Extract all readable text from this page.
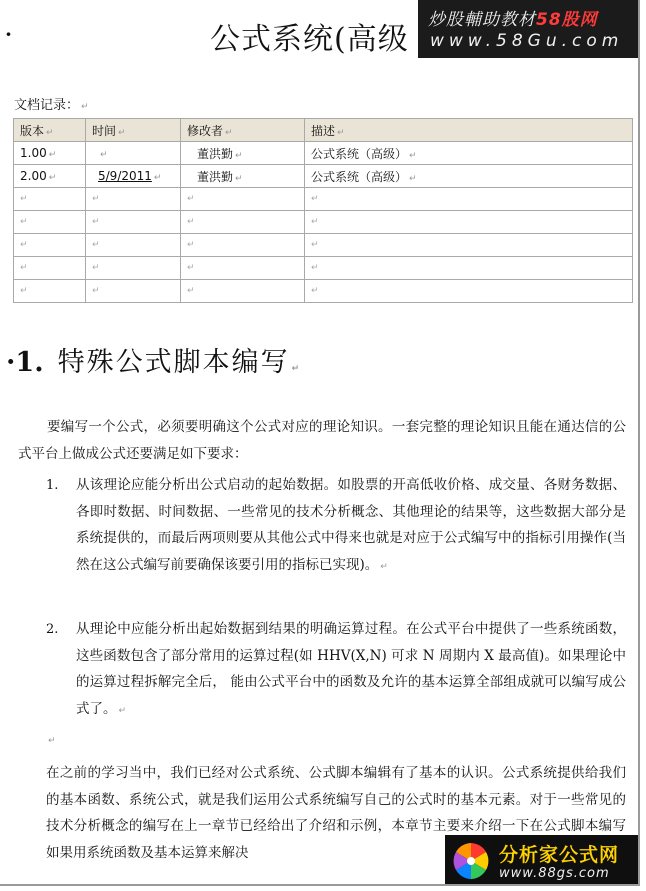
·	公式系统(高级
炒股輔助教材58股网
www.58Gu.com
文档记录： ↵
版本 ↵	时间 ↵	修改者 ↵	描述 ↵
1.00 ↵	↵	董洪勤 ↵	公式系统（高级） ↵
2.00 ↵	5/9/2011 ↵	董洪勤 ↵	公式系统（高级） ↵
↵	↵	↵	↵
↵	↵	↵	↵
↵	↵	↵	↵
↵	↵	↵	↵
↵	↵	↵	↵
·1. 特殊公式脚本编写 ↵
要编写一个公式，必须要明确这个公式对应的理论知识。一套完整的理论知识且能在通达信的公式平台上做成公式还要满足如下要求：
1. 从该理论应能分析出公式启动的起始数据。如股票的开高低收价格、成交量、各财务数据、各即时数据、时间数据、一些常见的技术分析概念、其他理论的结果等，这些数据大部分是系统提供的，而最后两项则要从其他公式中得来也就是对应于公式编写中的指标引用操作(当然在这公式编写前要确保该要引用的指标已实现)。 ↵
2. 从理论中应能分析出起始数据到结果的明确运算过程。在公式平台中提供了一些系统函数，这些函数包含了部分常用的运算过程(如 HHV(X,N) 可求 N 周期内 X 最高值)。如果理论中的运算过程拆解完全后， 能由公式平台中的函数及允许的基本运算全部组成就可以编写成公式了。 ↵
↵
在之前的学习当中，我们已经对公式系统、公式脚本编辑有了基本的认识。公式系统提供给我们的基本函数、系统公式，就是我们运用公式系统编写自己的公式时的基本元素。对于一些常见的技术分析概念的编写在上一章节已经给出了介绍和示例，本章节主要来介绍一下在公式脚本编写如果用系统函数及基本运算来解决	分析家公式网
www.88gs.com
